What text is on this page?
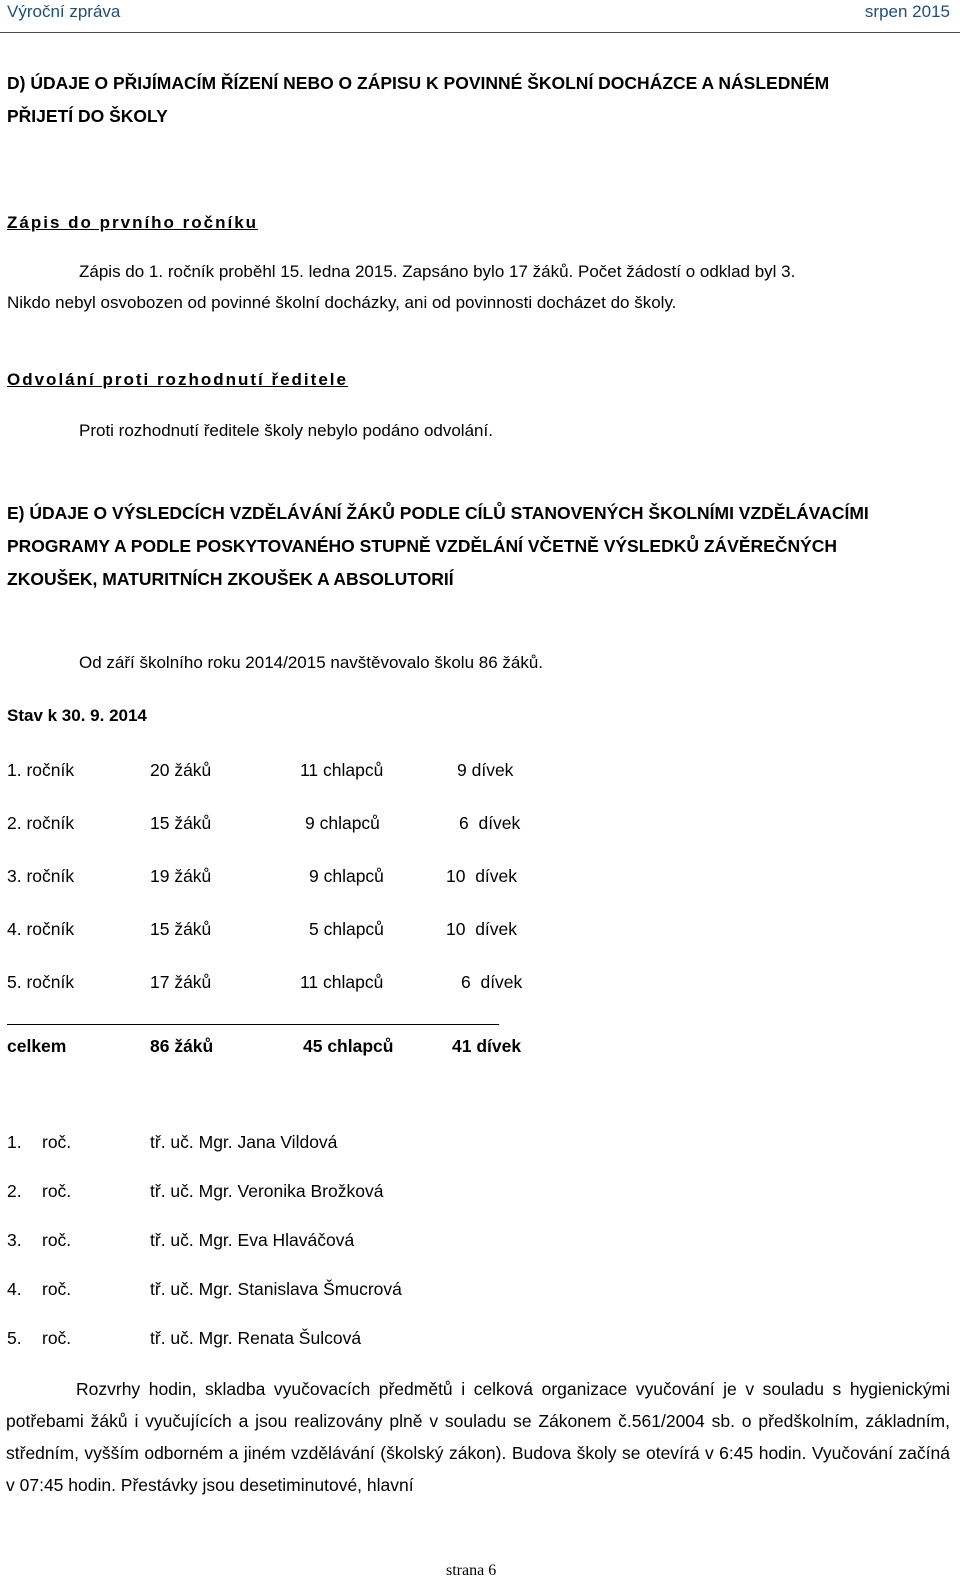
Výroční zpráva	srpen 2015
D) ÚDAJE O PŘIJÍMACÍM ŘÍZENÍ NEBO O ZÁPISU K POVINNÉ ŠKOLNÍ DOCHÁZCE A NÁSLEDNÉM
PŘIJETÍ DO ŠKOLY
Zápis do prvního ročníku
Zápis do 1. ročník proběhl 15. ledna 2015. Zapsáno bylo 17 žáků. Počet žádostí o odklad byl 3.
Nikdo nebyl osvobozen od povinné školní docházky, ani od povinnosti docházet do školy.
Odvolání proti rozhodnutí ředitele
Proti rozhodnutí ředitele školy nebylo podáno odvolání.
E) ÚDAJE O VÝSLEDCÍCH VZDĚLÁVÁNÍ ŽÁKŮ PODLE CÍLŮ STANOVENÝCH ŠKOLNÍMI VZDĚLÁVACÍMI
PROGRAMY A PODLE POSKYTOVANÉHO STUPNĚ VZDĚLÁNÍ VČETNĚ VÝSLEDKŮ ZÁVĚREČNÝCH
ZKOUŠEK, MATURITNÍCH ZKOUŠEK A ABSOLUTORIÍ
Od září školního roku 2014/2015 navštěvovalo školu 86 žáků.
Stav k 30. 9. 2014
1. ročník	20 žáků	11 chlapců	9 dívek
2. ročník	15 žáků	9 chlapců	6  dívek
3. ročník	19 žáků	9 chlapců	10  dívek
4. ročník	15 žáků	5 chlapců	10  dívek
5. ročník	17 žáků	11 chlapců	6  dívek
celkem	86 žáků	45 chlapců	41 dívek
1. roč.	tř. uč. Mgr. Jana Vildová
2. roč.	tř. uč. Mgr. Veronika Brožková
3. roč.	tř. uč. Mgr. Eva Hlaváčová
4. roč.	tř. uč. Mgr. Stanislava Šmucrová
5. roč.	tř. uč. Mgr. Renata Šulcová

Rozvrhy hodin, skladba vyučovacích předmětů i celková organizace vyučování je v souladu s hygienickými potřebami žáků i vyučujících a jsou realizovány plně v souladu se Zákonem č.561/2004 sb. o předškolním, základním, středním, vyšším odborném a jiném vzdělávání (školský zákon). Budova školy se otevírá v 6:45 hodin. Vyučování začíná v 07:45 hodin. Přestávky jsou desetiminutové, hlavní

strana 6
